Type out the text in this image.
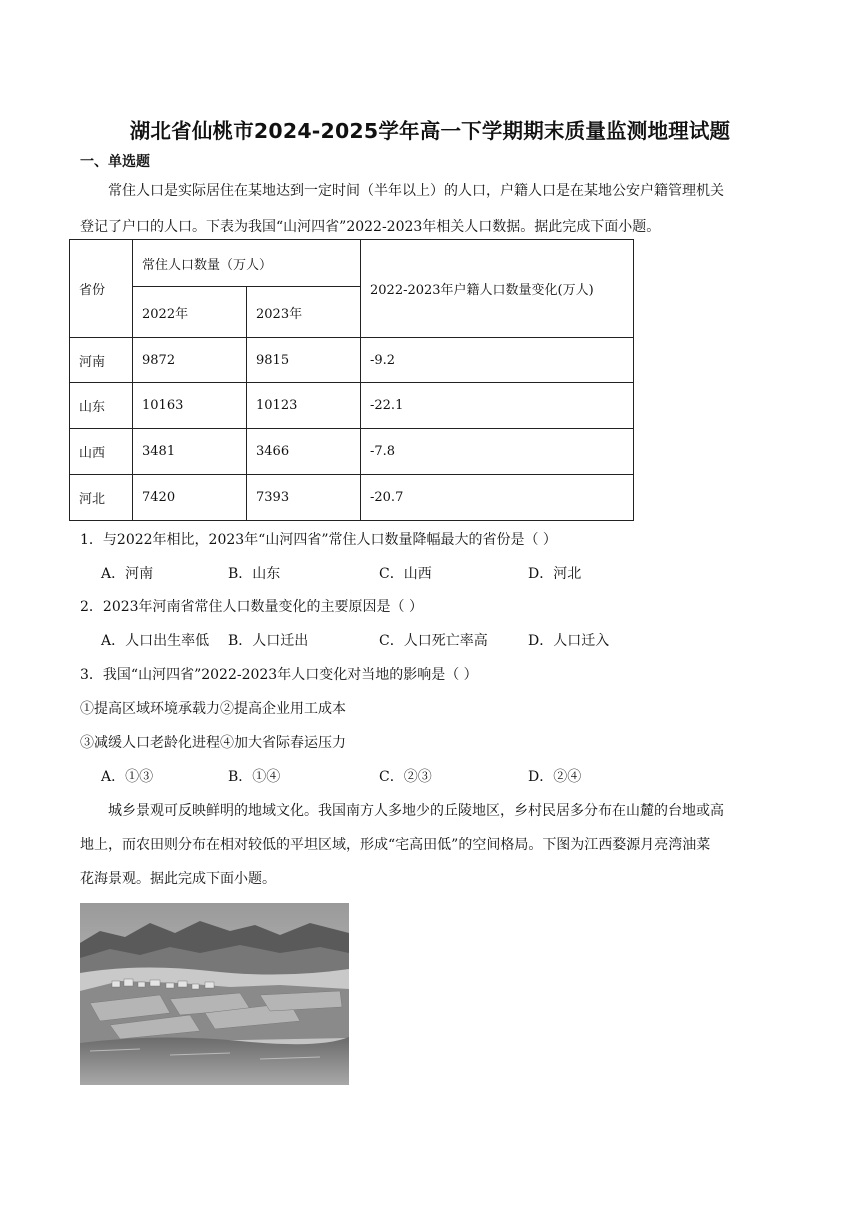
湖北省仙桃市2024-2025学年高一下学期期末质量监测地理试题
一、单选题
常住人口是实际居住在某地达到一定时间（半年以上）的人口，户籍人口是在某地公安户籍管理机关
登记了户口的人口。下表为我国“山河四省”2022-2023年相关人口数据。据此完成下面小题。
省份	常住人口数量（万人）		2022-2023年户籍人口数量变化(万人)
	2022年	2023年	
河南	9872	9815	-9.2
山东	10163	10123	-22.1
山西	3481	3466	-7.8
河北	7420	7393	-20.7
1．与2022年相比，2023年“山河四省”常住人口数量降幅最大的省份是（ ）
A．河南	B．山东	C．山西	D．河北
2．2023年河南省常住人口数量变化的主要原因是（ ）
A．人口出生率低 B．人口迁出	C．人口死亡率高	D．人口迁入
3．我国“山河四省”2022-2023年人口变化对当地的影响是（ ）
①提高区域环境承载力②提高企业用工成本
③减缓人口老龄化进程④加大省际春运压力
A．①③	B．①④	C．②③	D．②④
城乡景观可反映鲜明的地域文化。我国南方人多地少的丘陵地区，乡村民居多分布在山麓的台地或高
地上，而农田则分布在相对较低的平坦区域，形成“宅高田低”的空间格局。下图为江西婺源月亮湾油菜
花海景观。据此完成下面小题。
